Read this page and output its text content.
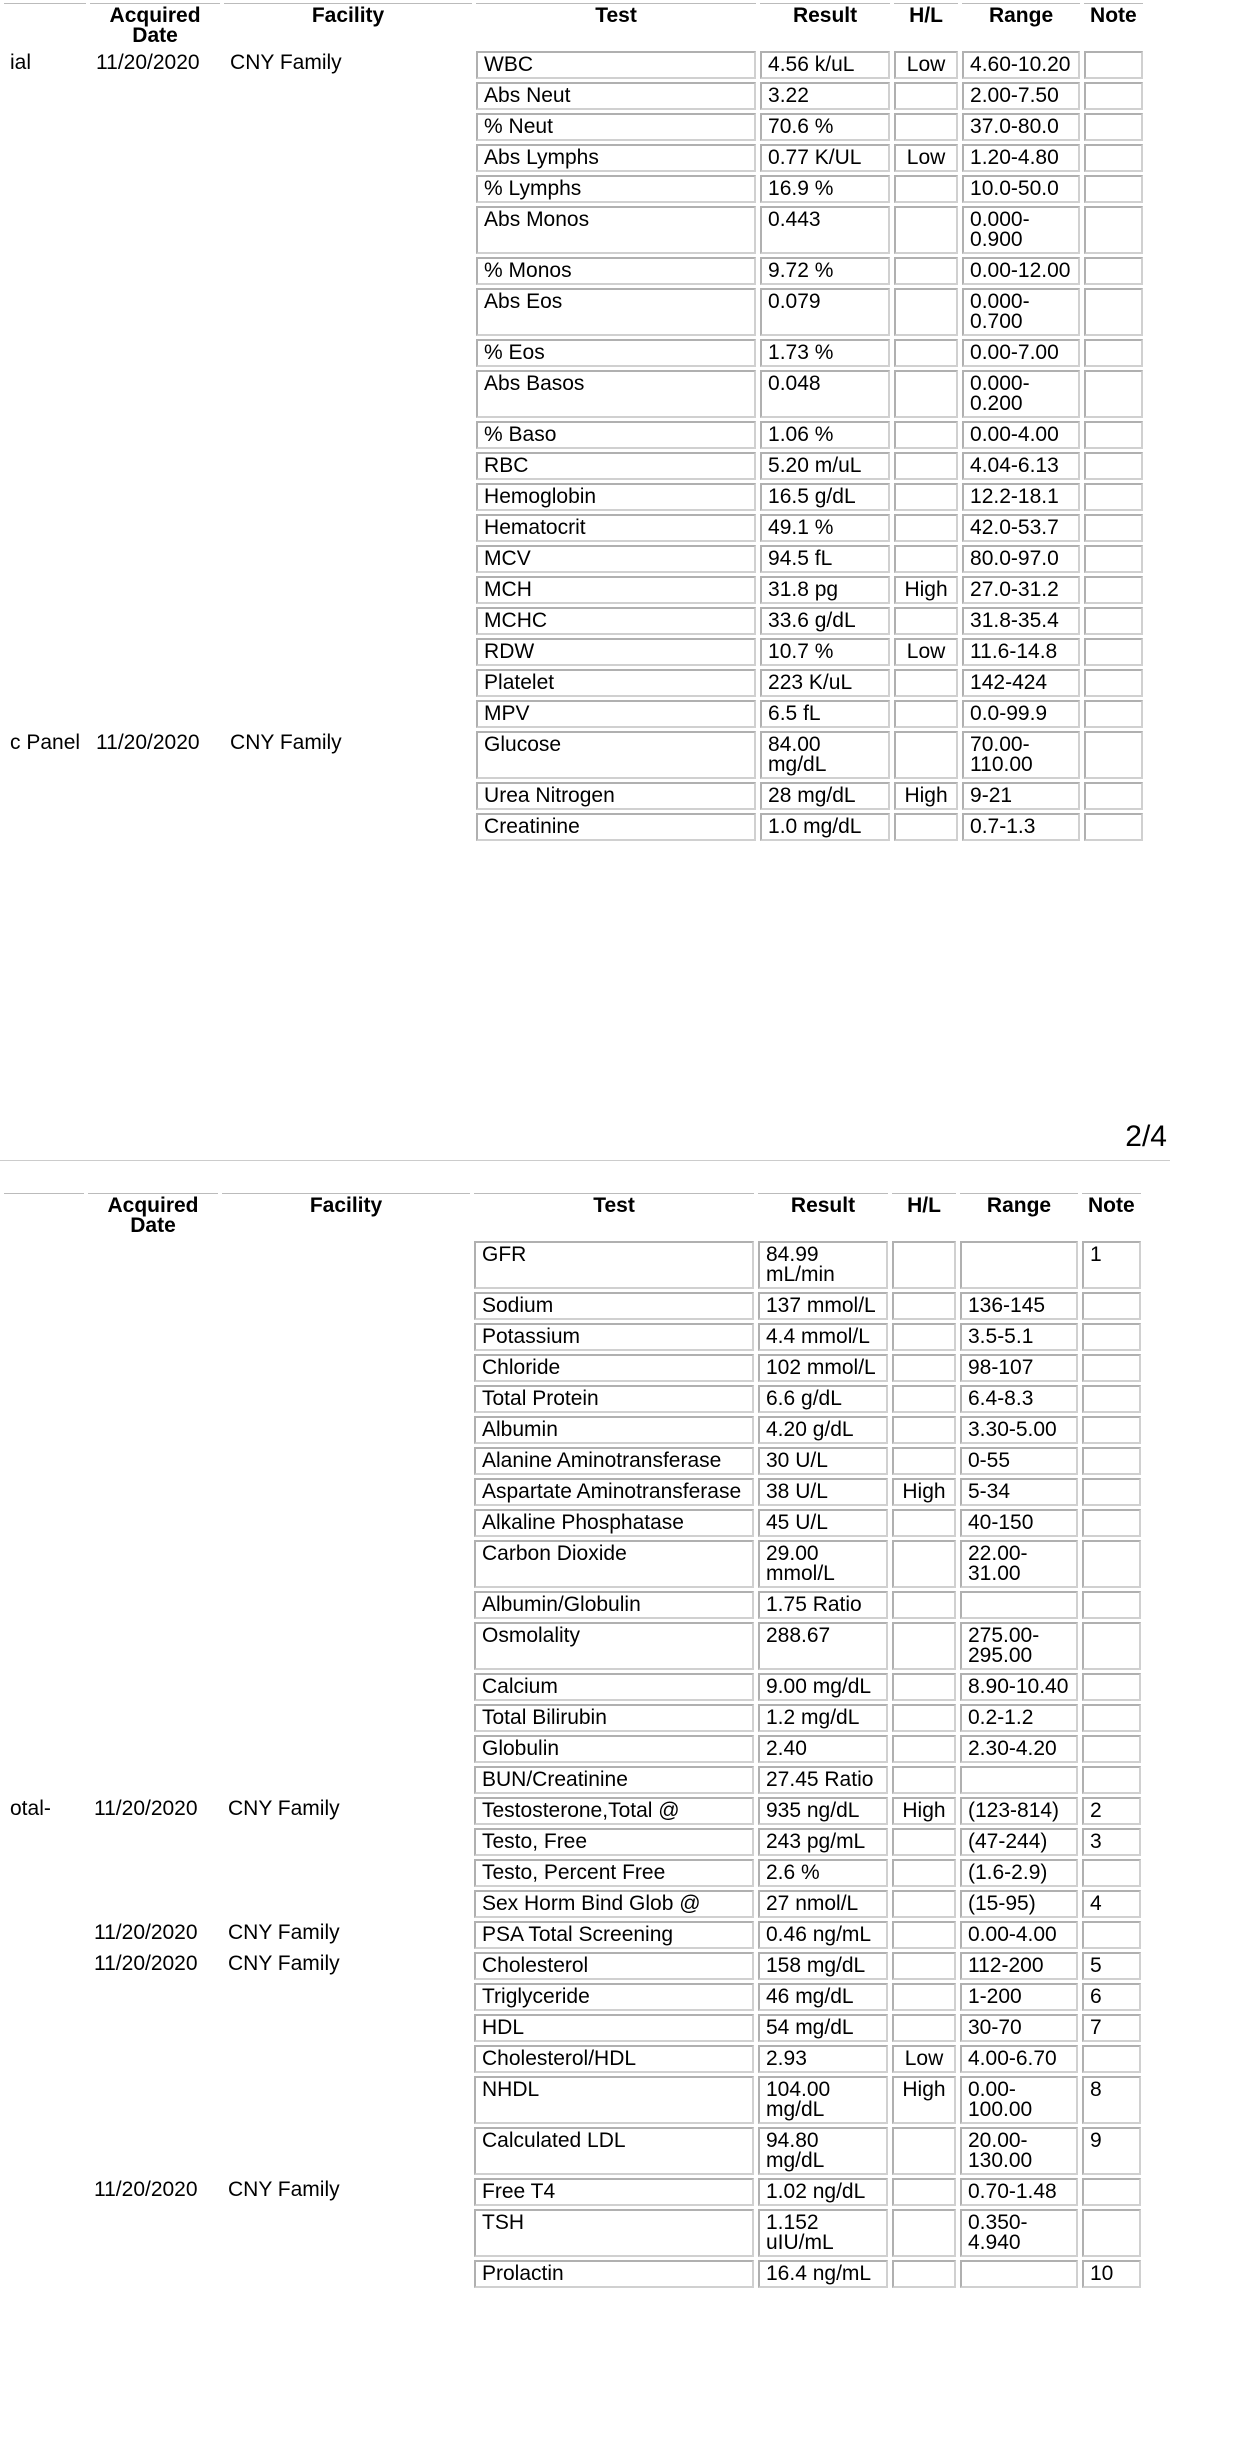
	Acquired Date	Facility	Test	Result	H/L	Range	Note
ial	11/20/2020	CNY Family	WBC	4.56 k/uL	Low	4.60-10.20	
			Abs Neut	3.22		2.00-7.50	
			% Neut	70.6 %		37.0-80.0	
			Abs Lymphs	0.77 K/UL	Low	1.20-4.80	
			% Lymphs	16.9 %		10.0-50.0	
			Abs Monos	0.443		0.000-0.900	
			% Monos	9.72 %		0.00-12.00	
			Abs Eos	0.079		0.000-0.700	
			% Eos	1.73 %		0.00-7.00	
			Abs Basos	0.048		0.000-0.200	
			% Baso	1.06 %		0.00-4.00	
			RBC	5.20 m/uL		4.04-6.13	
			Hemoglobin	16.5 g/dL		12.2-18.1	
			Hematocrit	49.1 %		42.0-53.7	
			MCV	94.5 fL		80.0-97.0	
			MCH	31.8 pg	High	27.0-31.2	
			MCHC	33.6 g/dL		31.8-35.4	
			RDW	10.7 %	Low	11.6-14.8	
			Platelet	223 K/uL		142-424	
			MPV	6.5 fL		0.0-99.9	
c Panel	11/20/2020	CNY Family	Glucose	84.00 mg/dL		70.00-110.00	
			Urea Nitrogen	28 mg/dL	High	9-21	
			Creatinine	1.0 mg/dL		0.7-1.3	
2/4
	Acquired Date	Facility	Test	Result	H/L	Range	Note
			GFR	84.99 mL/min			1
			Sodium	137 mmol/L		136-145	
			Potassium	4.4 mmol/L		3.5-5.1	
			Chloride	102 mmol/L		98-107	
			Total Protein	6.6 g/dL		6.4-8.3	
			Albumin	4.20 g/dL		3.30-5.00	
			Alanine Aminotransferase	30 U/L		0-55	
			Aspartate Aminotransferase	38 U/L	High	5-34	
			Alkaline Phosphatase	45 U/L		40-150	
			Carbon Dioxide	29.00 mmol/L		22.00-31.00	
			Albumin/Globulin	1.75 Ratio			
			Osmolality	288.67		275.00-295.00	
			Calcium	9.00 mg/dL		8.90-10.40	
			Total Bilirubin	1.2 mg/dL		0.2-1.2	
			Globulin	2.40		2.30-4.20	
			BUN/Creatinine	27.45 Ratio			
otal-	11/20/2020	CNY Family	Testosterone,Total @	935 ng/dL	High	(123-814)	2
			Testo, Free	243 pg/mL		(47-244)	3
			Testo, Percent Free	2.6 %		(1.6-2.9)	
			Sex Horm Bind Glob @	27 nmol/L		(15-95)	4
	11/20/2020	CNY Family	PSA Total Screening	0.46 ng/mL		0.00-4.00	
	11/20/2020	CNY Family	Cholesterol	158 mg/dL		112-200	5
			Triglyceride	46 mg/dL		1-200	6
			HDL	54 mg/dL		30-70	7
			Cholesterol/HDL	2.93	Low	4.00-6.70	
			NHDL	104.00 mg/dL	High	0.00-100.00	8
			Calculated LDL	94.80 mg/dL		20.00-130.00	9
	11/20/2020	CNY Family	Free T4	1.02 ng/dL		0.70-1.48	
			TSH	1.152 uIU/mL		0.350-4.940	
			Prolactin	16.4 ng/mL			10
